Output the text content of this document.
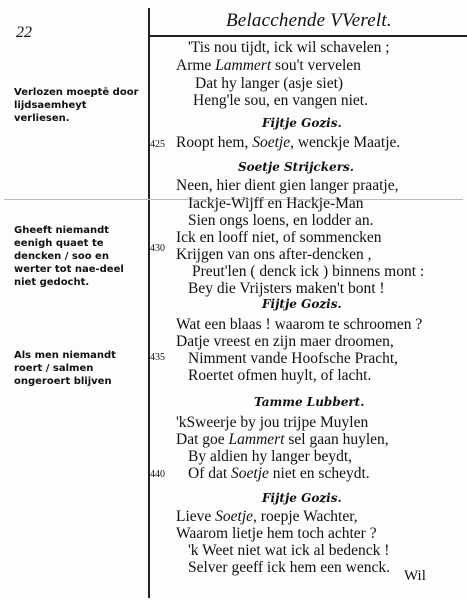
22
Belacchende VVerelt.
Verlozen moeptē door lijdsaemheyt verliesen.
Gheeft niemandt eenigh quaet te dencken / soo en werter tot nae-deel niet gedocht.
Als men niemandt roert / salmen ongeroert blijven
425
430
435
440
Fijtje Gozis.
Soetje Strijckers.
Fijtje Gozis.
Tamme Lubbert.
Fijtje Gozis.
'Tis nou tijdt, ick wil schavelen ;
Arme Lammert sou't vervelen
Dat hy langer (asje siet)
Heng'le sou, en vangen niet.
Roopt hem, Soetje, wenckje Maatje.
Neen, hier dient gien langer praatje,
Iackje-Wijff en Hackje-Man
Sien ongs loens, en lodder an.
Ick en looff niet, of sommencken
Krijgen van ons after-dencken ,
Preut'len ( denck ick ) binnens mont :
Bey die Vrijsters maken't bont !
Wat een blaas ! waarom te schroomen ?
Datje vreest en zijn maer droomen,
Nimment vande Hoofsche Pracht,
Roertet ofmen huylt, of lacht.
'kSweerje by jou trijpe Muylen
Dat goe Lammert sel gaan huylen,
By aldien hy langer beydt,
Of dat Soetje niet en scheydt.
Lieve Soetje, roepje Wachter,
Waarom lietje hem toch achter ?
'k Weet niet wat ick al bedenck !
Selver geeff ick hem een wenck. Wil
